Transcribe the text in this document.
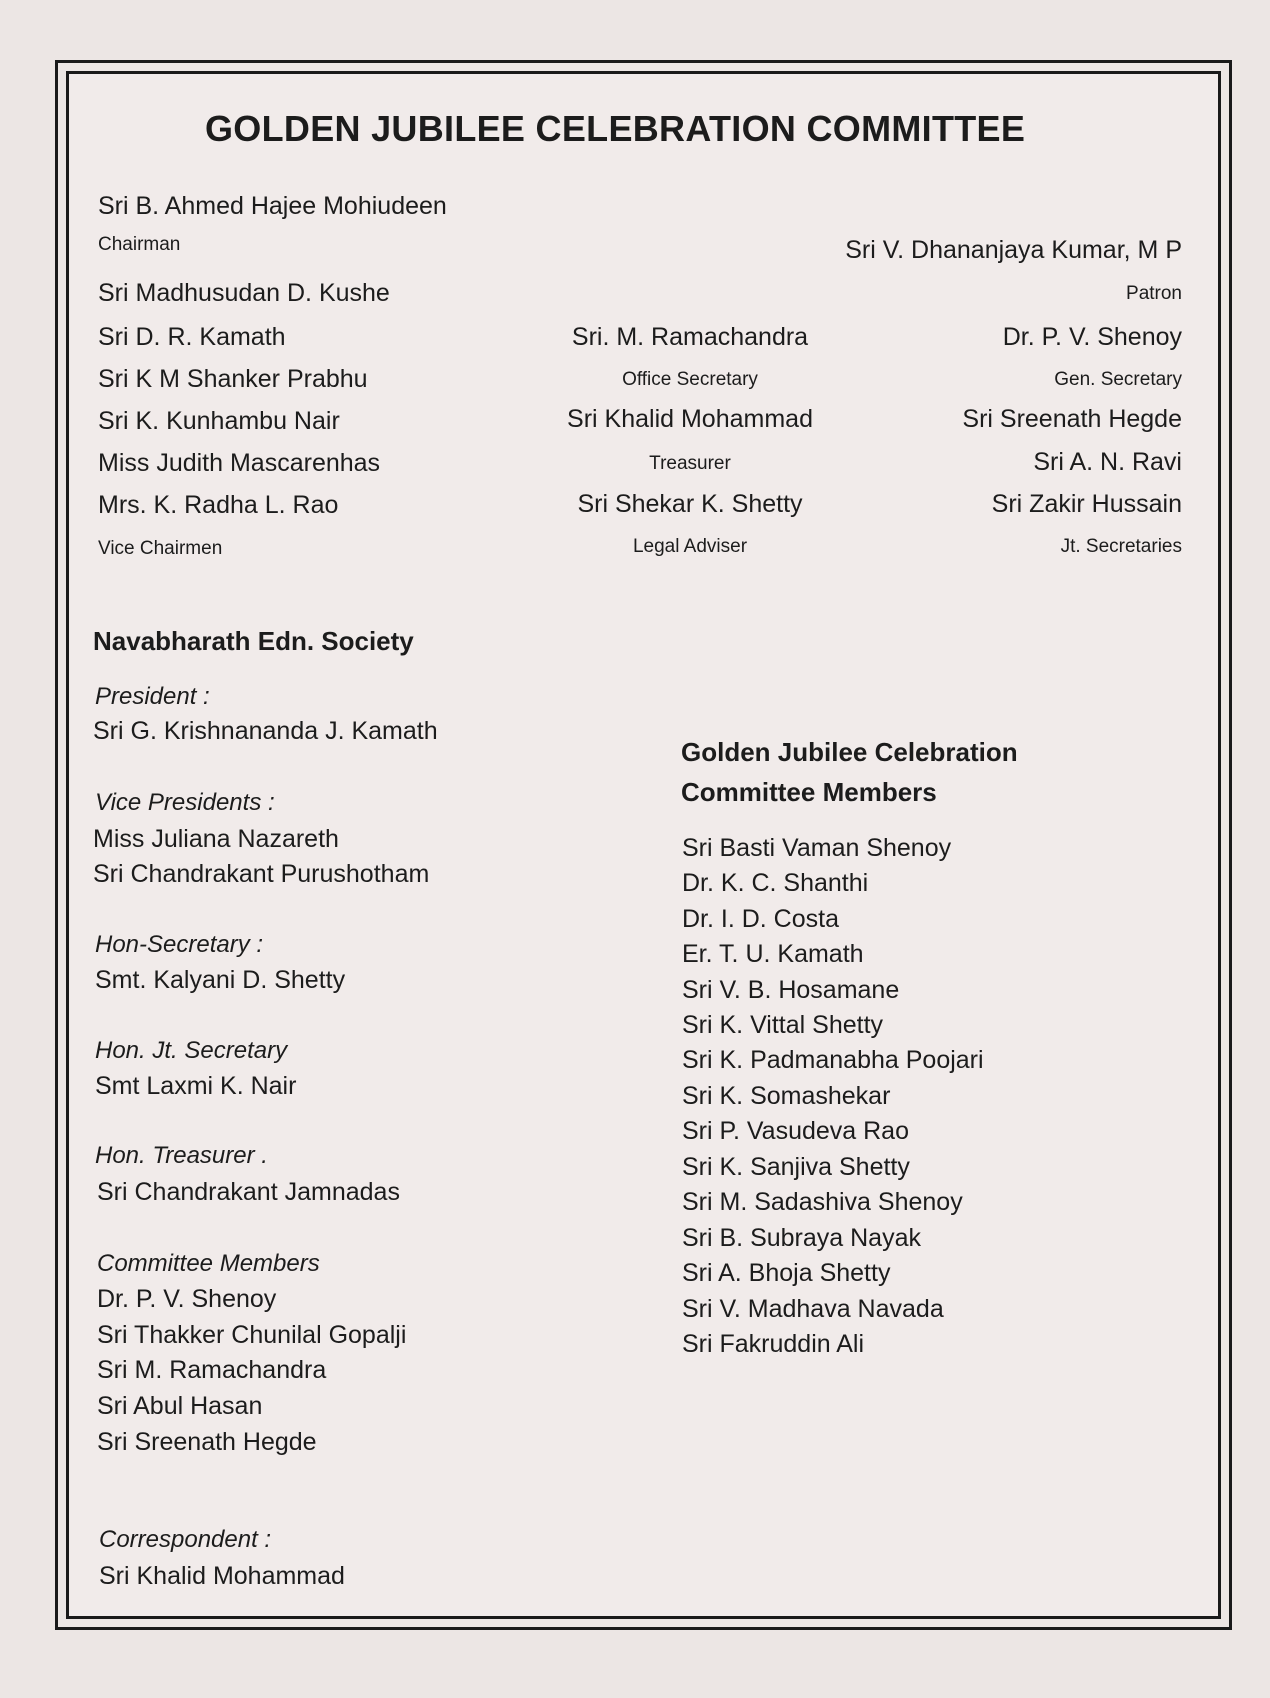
GOLDEN JUBILEE CELEBRATION COMMITTEE
Sri B. Ahmed Hajee Mohiudeen
Chairman
Sri Madhusudan D. Kushe
Sri D. R. Kamath
Sri K M Shanker Prabhu
Sri K. Kunhambu Nair
Miss Judith Mascarenhas
Mrs. K. Radha L. Rao
Vice Chairmen
Sri. M. Ramachandra
Office Secretary
Sri Khalid Mohammad
Treasurer
Sri Shekar K. Shetty
Legal Adviser
Sri V. Dhananjaya Kumar, M P
Patron
Dr. P. V. Shenoy
Gen. Secretary
Sri Sreenath Hegde
Sri A. N. Ravi
Sri Zakir Hussain
Jt. Secretaries
Navabharath Edn. Society
President :
Sri G. Krishnananda J. Kamath
Vice Presidents :
Miss Juliana Nazareth
Sri Chandrakant Purushotham
Hon-Secretary :
Smt. Kalyani D. Shetty
Hon. Jt. Secretary
Smt Laxmi K. Nair
Hon. Treasurer .
Sri Chandrakant Jamnadas
Committee Members
Dr. P. V. Shenoy
Sri Thakker Chunilal Gopalji
Sri M. Ramachandra
Sri Abul Hasan
Sri Sreenath Hegde
Correspondent :
Sri Khalid Mohammad
Golden Jubilee Celebration
Committee Members
Sri Basti Vaman Shenoy
Dr. K. C. Shanthi
Dr. I. D. Costa
Er. T. U. Kamath
Sri V. B. Hosamane
Sri K. Vittal Shetty
Sri K. Padmanabha Poojari
Sri K. Somashekar
Sri P. Vasudeva Rao
Sri K. Sanjiva Shetty
Sri M. Sadashiva Shenoy
Sri B. Subraya Nayak
Sri A. Bhoja Shetty
Sri V. Madhava Navada
Sri Fakruddin Ali
